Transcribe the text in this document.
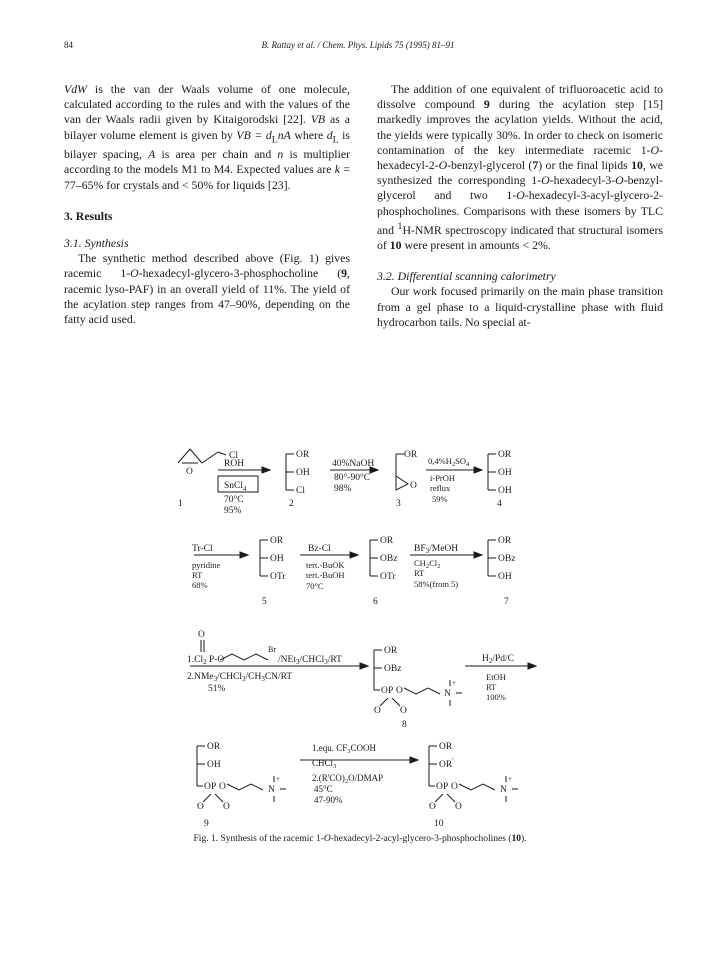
84	B. Rattay et al. / Chem. Phys. Lipids 75 (1995) 81–91

VdW is the van der Waals volume of one molecule, calculated according to the rules and with the values of the van der Waals radii given by Kitaigorodski [22]. VB as a bilayer volume element is given by VB = $d_LnA$ where $d_L$ is bilayer spacing, A is area per chain and n is multiplier according to the models M1 to M4. Expected values are k = 77–65% for crystals and < 50% for liquids [23].

3. Results

3.1. Synthesis

The synthetic method described above (Fig. 1) gives racemic 1-O-hexadecyl-glycero-3-phosphocholine (9, racemic lyso-PAF) in an overall yield of 11%. The yield of the acylation step ranges from 47–90%, depending on the fatty acid used.

The addition of one equivalent of trifluoroacetic acid to dissolve compound 9 during the acylation step [15] markedly improves the acylation yields. Without the acid, the yields were typically 30%. In order to check on isomeric contamination of the key intermediate racemic 1-O-hexadecyl-2-O-benzyl-glycerol (7) or the final lipids 10, we synthesized the corresponding 1-O-hexadecyl-3-O-benzyl-glycerol and two 1-O-hexadecyl-3-acyl-glycero-2-phosphocholines. Comparisons with these isomers by TLC and $^1$H-NMR spectroscopy indicated that structural isomers of 10 were present in amounts < 2%.

3.2. Differential scanning calorimetry

Our work focused primarily on the main phase transition from a gel phase to a liquid-crystalline phase with fluid hydrocarbon tails. No special at-

Cl
O
1
ROH
SnCl$_4$
70°C
95%
OR
OH
Cl
2
40%NaOH
80°-90°C
98%
OR
O
3
$0,4\%H_2SO_4$
i-PrOH
reflux
59%
OR
OH
OH
4
Tr-Cl
pyridine
RT
68%
OR
OH
OTr
5
Bz-Cl
tert.-BuOK
tert.-BuOH
70°C
OR
OBz
OTr
6
$BF_3$/MeOH
$CH_2Cl_2$
RT
58%(from 5)
OR
OBz
OH
7
O
$1.Cl_2$ P-O
Br
/NEt$_3$/CHCl$_3$/RT
$2.NMe_3/CHCl_3/CH_3CN/RT$
51%
OR
OBz
O P O
O O
N
+
8
$H_2/Pd/C$
EtOH
RT
100%
OR
OH
O P O
O O
N
+
9
1.equ. $CF_3COOH$
CHCl$_3$
$2.(R'CO)_2O$/DMAP
45°C
47-90%
OR
OR'
O P O
O O
N
+
10
Fig. 1. Synthesis of the racemic 1-O-hexadecyl-2-acyl-glycero-3-phosphocholines (10).
